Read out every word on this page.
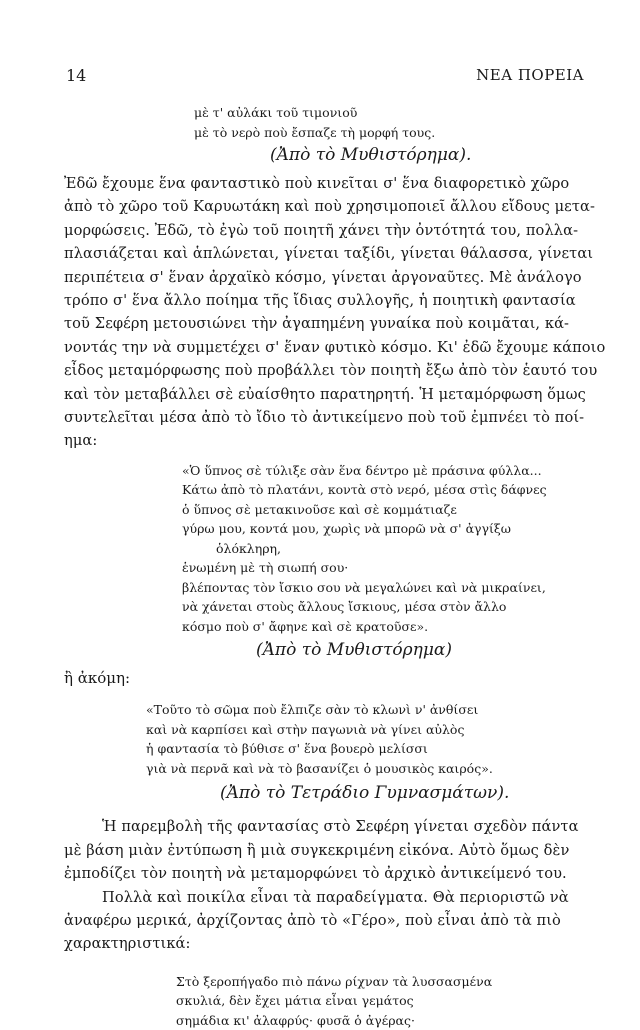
14	ΝΕΑ ΠΟΡΕΙΑ
μὲ τ' αὐλάκι τοῦ τιμονιοῦ
μὲ τὸ νερὸ ποὺ ἔσπαζε τὴ μορφή τους.
(Ἀπὸ τὸ Μυθιστόρημα).

Ἐδῶ ἔχουμε ἕνα φανταστικὸ ποὺ κινεῖται σ' ἕνα διαφορετικὸ χῶρο
ἀπὸ τὸ χῶρο τοῦ Καρυωτάκη καὶ ποὺ χρησιμοποιεῖ ἄλλου εἴδους μετα-
μορφώσεις. Ἐδῶ, τὸ ἐγὼ τοῦ ποιητῆ χάνει τὴν ὀντότητά του, πολλα-
πλασιάζεται καὶ ἁπλώνεται, γίνεται ταξίδι, γίνεται θάλασσα, γίνεται
περιπέτεια σ' ἕναν ἀρχαϊκὸ κόσμο, γίνεται ἀργοναῦτες. Μὲ ἀνάλογο
τρόπο σ' ἕνα ἄλλο ποίημα τῆς ἴδιας συλλογῆς, ἡ ποιητικὴ φαντασία
τοῦ Σεφέρη μετουσιώνει τὴν ἀγαπημένη γυναίκα ποὺ κοιμᾶται, κά-
νοντάς την νὰ συμμετέχει σ' ἕναν φυτικὸ κόσμο. Κι' ἐδῶ ἔχουμε κάποιο
εἶδος μεταμόρφωσης ποὺ προβάλλει τὸν ποιητὴ ἔξω ἀπὸ τὸν ἑαυτό του
καὶ τὸν μεταβάλλει σὲ εὐαίσθητο παρατηρητή. Ἡ μεταμόρφωση ὅμως
συντελεῖται μέσα ἀπὸ τὸ ἴδιο τὸ ἀντικείμενο ποὺ τοῦ ἐμπνέει τὸ ποί-
ημα:

«Ὁ ὕπνος σὲ τύλιξε σὰν ἕνα δέντρο μὲ πράσινα φύλλα...
Κάτω ἀπὸ τὸ πλατάνι, κοντὰ στὸ νερό, μέσα στὶς δάφνες
ὁ ὕπνος σὲ μετακινοῦσε καὶ σὲ κομμάτιαζε
γύρω μου, κοντά μου, χωρὶς νὰ μπορῶ νὰ σ' ἀγγίξω
ὁλόκληρη,
ἑνωμένη μὲ τὴ σιωπή σου·
βλέποντας τὸν ἴσκιο σου νὰ μεγαλώνει καὶ νὰ μικραίνει,
νὰ χάνεται στοὺς ἄλλους ἴσκιους, μέσα στὸν ἄλλο
κόσμο ποὺ σ' ἄφηνε καὶ σὲ κρατοῦσε».
(Ἀπὸ τὸ Μυθιστόρημα)
ἢ ἀκόμη:
«Τοῦτο τὸ σῶμα ποὺ ἔλπιζε σὰν τὸ κλωνὶ ν' ἀνθίσει
καὶ νὰ καρπίσει καὶ στὴν παγωνιὰ νὰ γίνει αὐλὸς
ἡ φαντασία τὸ βύθισε σ' ἕνα βουερὸ μελίσσι
γιὰ νὰ περνᾶ καὶ νὰ τὸ βασανίζει ὁ μουσικὸς καιρός».
(Ἀπὸ τὸ Τετράδιο Γυμνασμάτων).

Ἡ παρεμβολὴ τῆς φαντασίας στὸ Σεφέρη γίνεται σχεδὸν πάντα
μὲ βάση μιὰν ἐντύπωση ἢ μιὰ συγκεκριμένη εἰκόνα. Αὐτὸ ὅμως δὲν
ἐμποδίζει τὸν ποιητὴ νὰ μεταμορφώνει τὸ ἀρχικὸ ἀντικείμενό του.

Πολλὰ καὶ ποικίλα εἶναι τὰ παραδείγματα. Θὰ περιοριστῶ νὰ
ἀναφέρω μερικά, ἀρχίζοντας ἀπὸ τὸ «Γέρο», ποὺ εἶναι ἀπὸ τὰ πιὸ
χαρακτηριστικά:

Στὸ ξεροπήγαδο πιὸ πάνω ρίχναν τὰ λυσσασμένα
σκυλιά, δὲν ἔχει μάτια εἶναι γεμάτος
σημάδια κι' ἀλαφρύς· φυσᾶ ὁ ἀγέρας·
